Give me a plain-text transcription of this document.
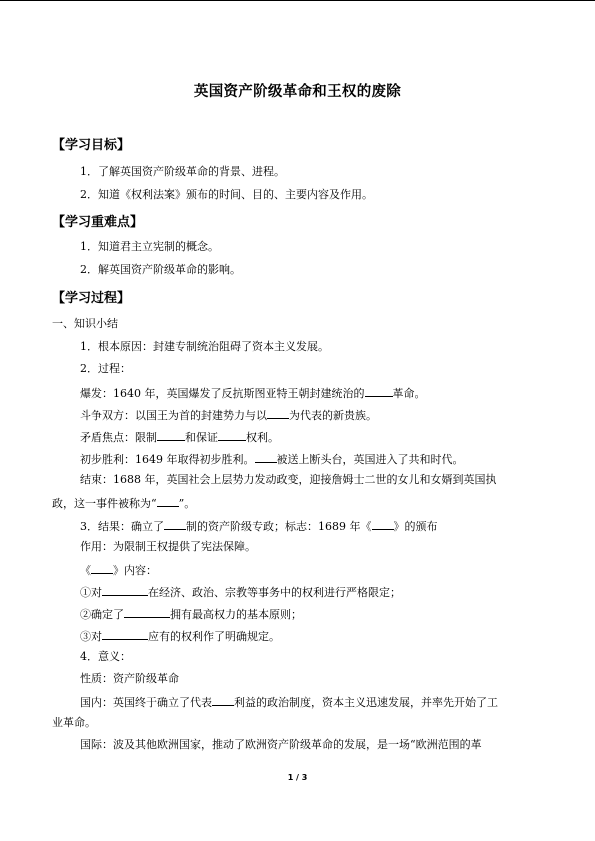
英国资产阶级革命和王权的废除
【学习目标】
1．了解英国资产阶级革命的背景、进程。
2．知道《权利法案》颁布的时间、目的、主要内容及作用。
【学习重难点】
1．知道君主立宪制的概念。
2．解英国资产阶级革命的影响。
【学习过程】
一、知识小结
1．根本原因：封建专制统治阻碍了资本主义发展。
2．过程：
爆发：1640 年，英国爆发了反抗斯图亚特王朝封建统治的	革命。
斗争双方：以国王为首的封建势力与以 为代表的新贵族。
矛盾焦点：限制	和保证	权利。
初步胜利：1649 年取得初步胜利。 被送上断头台，英国进入了共和时代。
结束：1688 年，英国社会上层势力发动政变，迎接詹姆士二世的女儿和女婿到英国执
政，这一事件被称为“ ”。
3．结果：确立了 制的资产阶级专政；标志：1689 年《 》的颁布
作用：为限制王权提供了宪法保障。
《 》内容：
①对	在经济、政治、宗教等事务中的权利进行严格限定；
②确定了	拥有最高权力的基本原则；
③对	应有的权利作了明确规定。
4．意义：
性质：资产阶级革命
国内：英国终于确立了代表 利益的政治制度，资本主义迅速发展，并率先开始了工
业革命。
国际：波及其他欧洲国家，推动了欧洲资产阶级革命的发展，是一场“欧洲范围的革
1 / 3
